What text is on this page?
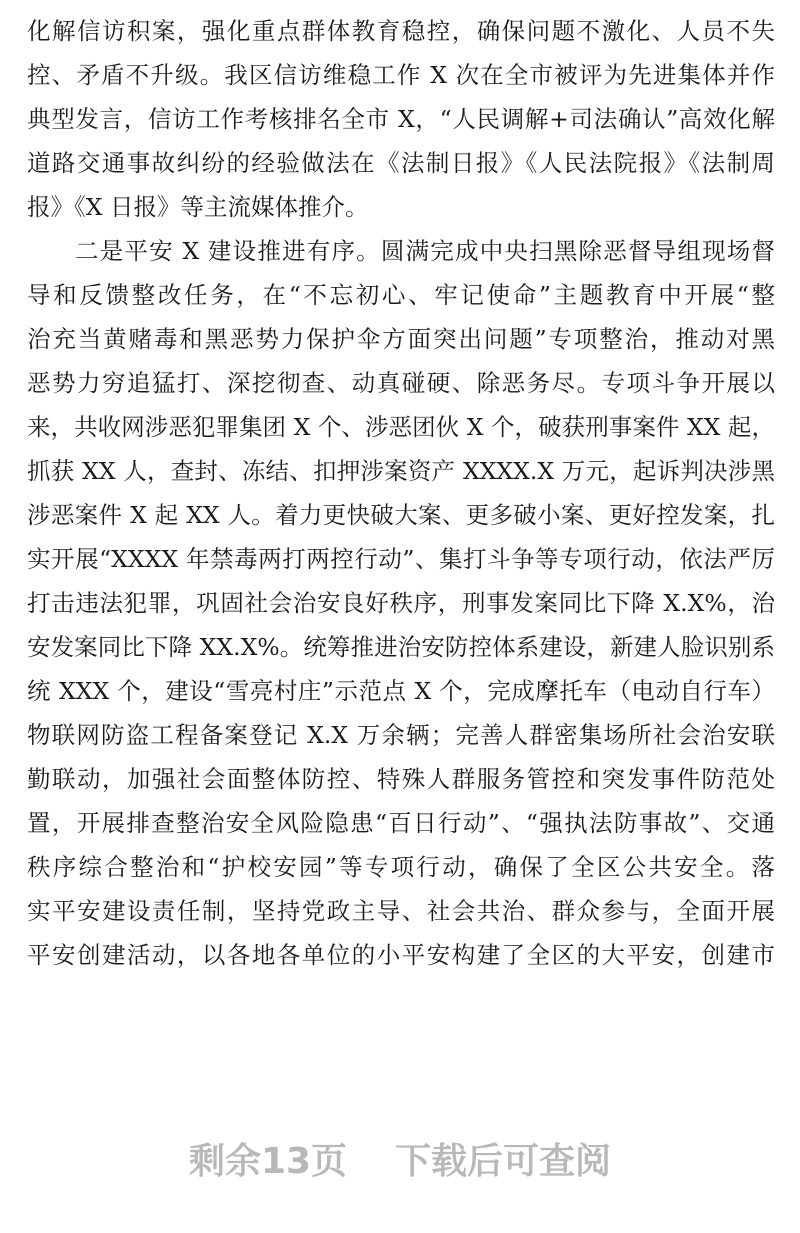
化解信访积案，强化重点群体教育稳控，确保问题不激化、人员不失
控、矛盾不升级。我区信访维稳工作 X 次在全市被评为先进集体并作
典型发言，信访工作考核排名全市 X，“人民调解+司法确认”高效化解
道路交通事故纠纷的经验做法在《法制日报》《人民法院报》《法制周
报》《X 日报》等主流媒体推介。
二是平安 X 建设推进有序。圆满完成中央扫黑除恶督导组现场督
导和反馈整改任务，在“不忘初心、牢记使命”主题教育中开展“整
治充当黄赌毒和黑恶势力保护伞方面突出问题”专项整治，推动对黑
恶势力穷追猛打、深挖彻查、动真碰硬、除恶务尽。专项斗争开展以
来，共收网涉恶犯罪集团 X 个、涉恶团伙 X 个，破获刑事案件 XX 起，
抓获 XX 人，查封、冻结、扣押涉案资产 XXXX.X 万元，起诉判决涉黑
涉恶案件 X 起 XX 人。着力更快破大案、更多破小案、更好控发案，扎
实开展“XXXX 年禁毒两打两控行动”、集打斗争等专项行动，依法严厉
打击违法犯罪，巩固社会治安良好秩序，刑事发案同比下降 X.X%，治
安发案同比下降 XX.X%。统筹推进治安防控体系建设，新建人脸识别系
统 XXX 个，建设“雪亮村庄”示范点 X 个，完成摩托车（电动自行车）
物联网防盗工程备案登记 X.X 万余辆；完善人群密集场所社会治安联
勤联动，加强社会面整体防控、特殊人群服务管控和突发事件防范处
置，开展排查整治安全风险隐患“百日行动”、“强执法防事故”、交通
秩序综合整治和“护校安园”等专项行动，确保了全区公共安全。落
实平安建设责任制，坚持党政主导、社会共治、群众参与，全面开展
平安创建活动，以各地各单位的小平安构建了全区的大平安，创建市
剩余13页 下载后可查阅
